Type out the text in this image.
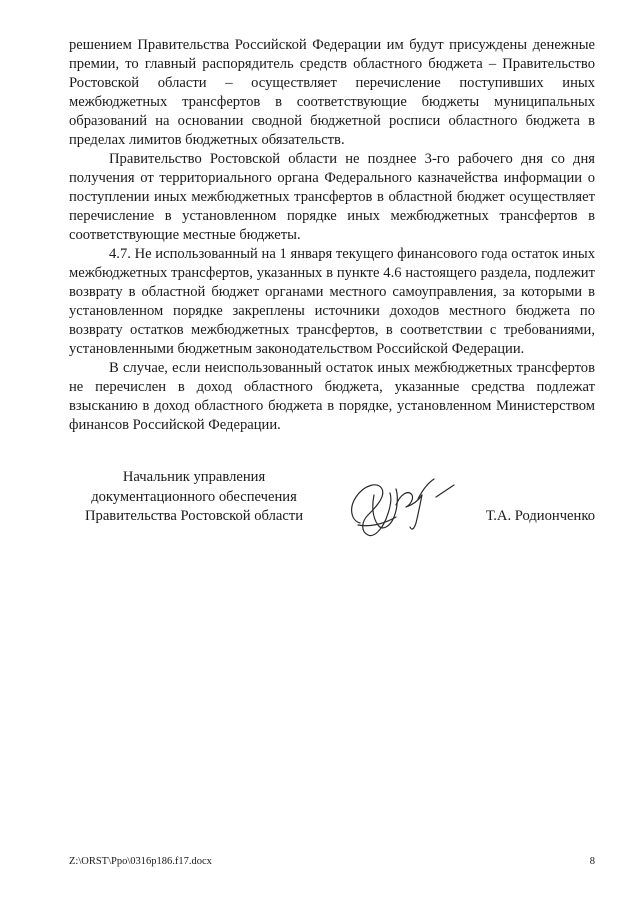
решением Правительства Российской Федерации им будут присуждены денежные премии, то главный распорядитель средств областного бюджета – Правительство Ростовской области – осуществляет перечисление поступивших иных межбюджетных трансфертов в соответствующие бюджеты муниципальных образований на основании сводной бюджетной росписи областного бюджета в пределах лимитов бюджетных обязательств.

Правительство Ростовской области не позднее 3-го рабочего дня со дня получения от территориального органа Федерального казначейства информации о поступлении иных межбюджетных трансфертов в областной бюджет осуществляет перечисление в установленном порядке иных межбюджетных трансфертов в соответствующие местные бюджеты.

4.7. Не использованный на 1 января текущего финансового года остаток иных межбюджетных трансфертов, указанных в пункте 4.6 настоящего раздела, подлежит возврату в областной бюджет органами местного самоуправления, за которыми в установленном порядке закреплены источники доходов местного бюджета по возврату остатков межбюджетных трансфертов, в соответствии с требованиями, установленными бюджетным законодательством Российской Федерации.

В случае, если неиспользованный остаток иных межбюджетных трансфертов не перечислен в доход областного бюджета, указанные средства подлежат взысканию в доход областного бюджета в порядке, установленном Министерством финансов Российской Федерации.

Начальник управления
документационного обеспечения
Правительства Ростовской области	Т.А. Родионченко
Z:\ORST\Ppo\0316p186.f17.docx	8
